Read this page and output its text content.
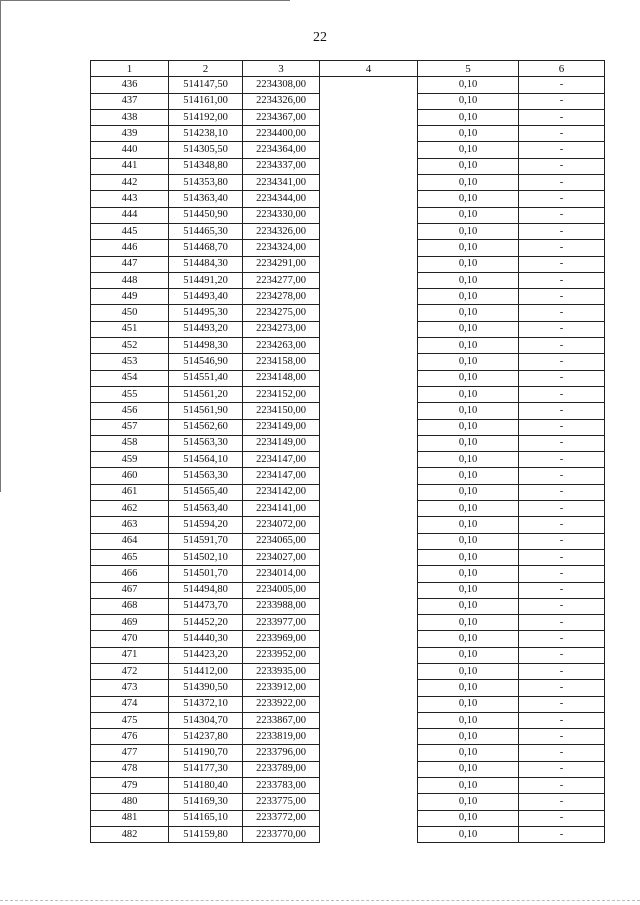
22
1	2	3	4	5	6
436	514147,50	2234308,00		0,10	-
437	514161,00	2234326,00		0,10	-
438	514192,00	2234367,00		0,10	-
439	514238,10	2234400,00		0,10	-
440	514305,50	2234364,00		0,10	-
441	514348,80	2234337,00		0,10	-
442	514353,80	2234341,00		0,10	-
443	514363,40	2234344,00		0,10	-
444	514450,90	2234330,00		0,10	-
445	514465,30	2234326,00		0,10	-
446	514468,70	2234324,00		0,10	-
447	514484,30	2234291,00		0,10	-
448	514491,20	2234277,00		0,10	-
449	514493,40	2234278,00		0,10	-
450	514495,30	2234275,00		0,10	-
451	514493,20	2234273,00		0,10	-
452	514498,30	2234263,00		0,10	-
453	514546,90	2234158,00		0,10	-
454	514551,40	2234148,00		0,10	-
455	514561,20	2234152,00		0,10	-
456	514561,90	2234150,00		0,10	-
457	514562,60	2234149,00		0,10	-
458	514563,30	2234149,00		0,10	-
459	514564,10	2234147,00		0,10	-
460	514563,30	2234147,00		0,10	-
461	514565,40	2234142,00		0,10	-
462	514563,40	2234141,00		0,10	-
463	514594,20	2234072,00		0,10	-
464	514591,70	2234065,00		0,10	-
465	514502,10	2234027,00		0,10	-
466	514501,70	2234014,00		0,10	-
467	514494,80	2234005,00		0,10	-
468	514473,70	2233988,00		0,10	-
469	514452,20	2233977,00		0,10	-
470	514440,30	2233969,00		0,10	-
471	514423,20	2233952,00		0,10	-
472	514412,00	2233935,00		0,10	-
473	514390,50	2233912,00		0,10	-
474	514372,10	2233922,00		0,10	-
475	514304,70	2233867,00		0,10	-
476	514237,80	2233819,00		0,10	-
477	514190,70	2233796,00		0,10	-
478	514177,30	2233789,00		0,10	-
479	514180,40	2233783,00		0,10	-
480	514169,30	2233775,00		0,10	-
481	514165,10	2233772,00		0,10	-
482	514159,80	2233770,00		0,10	-
